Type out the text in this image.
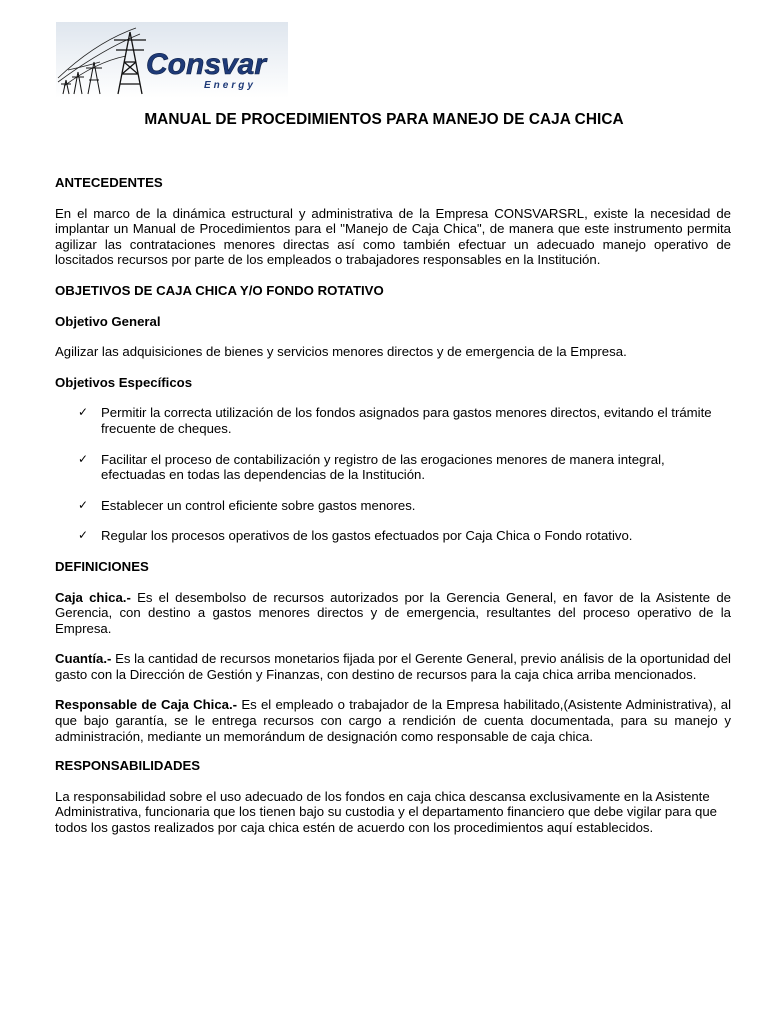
Consvar
Energy
MANUAL DE PROCEDIMIENTOS PARA MANEJO DE CAJA CHICA

ANTECEDENTES

En el marco de la dinámica estructural y administrativa de la Empresa CONSVARSRL, existe la necesidad de implantar un Manual de Procedimientos para el "Manejo de Caja Chica", de manera que este instrumento permita agilizar las contrataciones menores directas así como también efectuar un adecuado manejo operativo de loscitados recursos por parte de los empleados o trabajadores responsables en la Institución.

OBJETIVOS DE CAJA CHICA Y/O FONDO ROTATIVO

Objetivo General

Agilizar las adquisiciones de bienes y servicios menores directos y de emergencia de la Empresa.

Objetivos Específicos

✓ Permitir la correcta utilización de los fondos asignados para gastos menores directos, evitando el trámite frecuente de cheques.

✓ Facilitar el proceso de contabilización y registro de las erogaciones menores de manera integral, efectuadas en todas las dependencias de la Institución.

✓ Establecer un control eficiente sobre gastos menores.

✓ Regular los procesos operativos de los gastos efectuados por Caja Chica o Fondo rotativo.

DEFINICIONES

Caja chica.- Es el desembolso de recursos autorizados por la Gerencia General, en favor de la Asistente de Gerencia, con destino a gastos menores directos y de emergencia, resultantes del proceso operativo de la Empresa.

Cuantía.- Es la cantidad de recursos monetarios fijada por el Gerente General, previo análisis de la oportunidad del gasto con la Dirección de Gestión y Finanzas, con destino de recursos para la caja chica arriba mencionados.

Responsable de Caja Chica.- Es el empleado o trabajador de la Empresa habilitado,(Asistente Administrativa), al que bajo garantía, se le entrega recursos con cargo a rendición de cuenta documentada, para su manejo y administración, mediante un memorándum de designación como responsable de caja chica.

RESPONSABILIDADES

La responsabilidad sobre el uso adecuado de los fondos en caja chica descansa exclusivamente en la Asistente Administrativa, funcionaria que los tienen bajo su custodia y el departamento financiero que debe vigilar para que todos los gastos realizados por caja chica estén de acuerdo con los procedimientos aquí establecidos.
